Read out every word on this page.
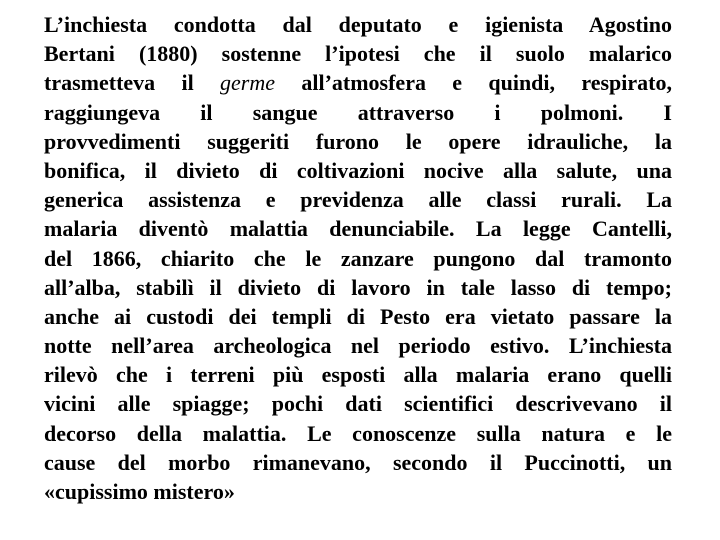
L’inchiesta condotta dal deputato e igienista Agostino
Bertani (1880) sostenne l’ipotesi che il suolo malarico
trasmetteva il germe all’atmosfera e quindi, respirato,
raggiungeva il sangue attraverso i polmoni. I
provvedimenti suggeriti furono le opere idrauliche, la
bonifica, il divieto di coltivazioni nocive alla salute, una
generica assistenza e previdenza alle classi rurali. La
malaria diventò malattia denunciabile. La legge Cantelli,
del 1866, chiarito che le zanzare pungono dal tramonto
all’alba, stabilì il divieto di lavoro in tale lasso di tempo;
anche ai custodi dei templi di Pesto era vietato passare la
notte nell’area archeologica nel periodo estivo. L’inchiesta
rilevò che i terreni più esposti alla malaria erano quelli
vicini alle spiagge; pochi dati scientifici descrivevano il
decorso della malattia. Le conoscenze sulla natura e le
cause del morbo rimanevano, secondo il Puccinotti, un
«cupissimo mistero»
